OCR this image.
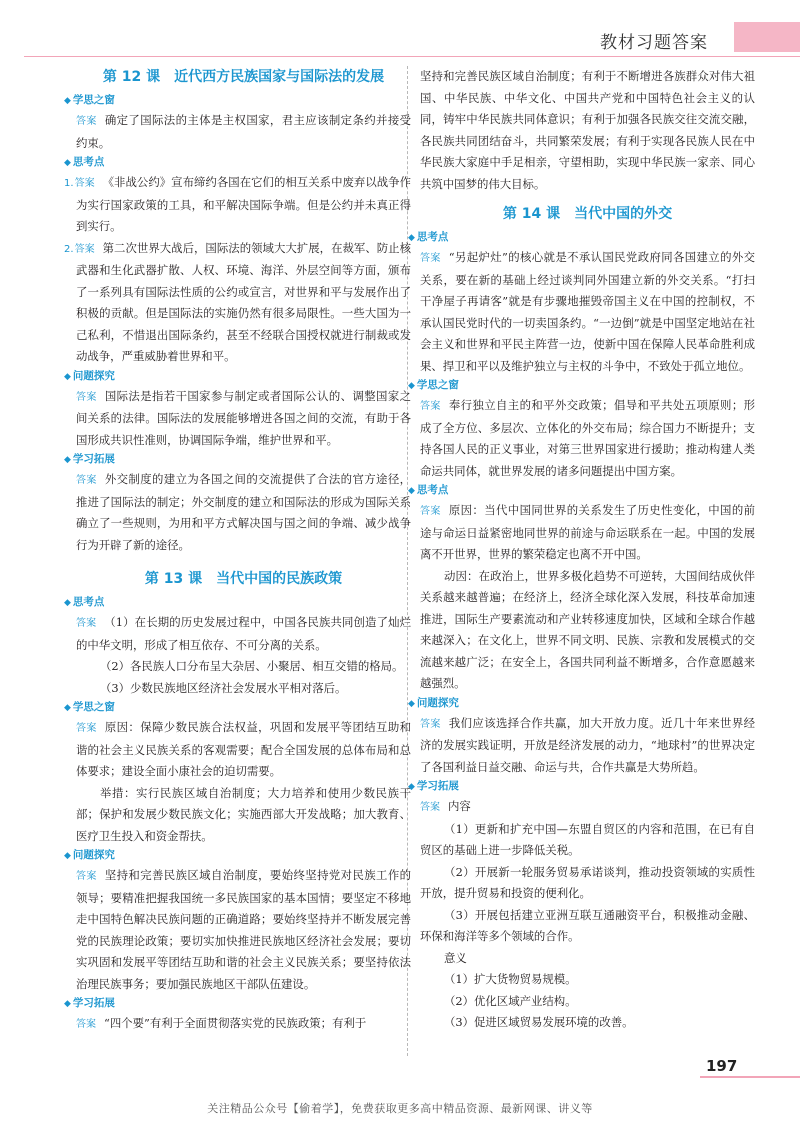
教材习题答案
第 12 课　近代西方民族国家与国际法的发展
◆ 学思之窗

答案 确定了国际法的主体是主权国家，君主应该制定条约并接受约束。

◆ 思考点

1.答案 《非战公约》宣布缔约各国在它们的相互关系中废弃以战争作为实行国家政策的工具，和平解决国际争端。但是公约并未真正得到实行。

2.答案 第二次世界大战后，国际法的领域大大扩展，在裁军、防止核武器和生化武器扩散、人权、环境、海洋、外层空间等方面，颁布了一系列具有国际法性质的公约或宣言，对世界和平与发展作出了积极的贡献。但是国际法的实施仍然有很多局限性。一些大国为一己私利，不惜退出国际条约，甚至不经联合国授权就进行制裁或发动战争，严重威胁着世界和平。

◆ 问题探究

答案 国际法是指若干国家参与制定或者国际公认的、调整国家之间关系的法律。国际法的发展能够增进各国之间的交流，有助于各国形成共识性准则，协调国际争端，维护世界和平。

◆ 学习拓展

答案 外交制度的建立为各国之间的交流提供了合法的官方途径，推进了国际法的制定；外交制度的建立和国际法的形成为国际关系确立了一些规则，为用和平方式解决国与国之间的争端、减少战争行为开辟了新的途径。

第 13 课　当代中国的民族政策
◆ 思考点

答案 （1）在长期的历史发展过程中，中国各民族共同创造了灿烂的中华文明，形成了相互依存、不可分离的关系。

（2）各民族人口分布呈大杂居、小聚居、相互交错的格局。

（3）少数民族地区经济社会发展水平相对落后。

◆ 学思之窗

答案 原因：保障少数民族合法权益，巩固和发展平等团结互助和谐的社会主义民族关系的客观需要；配合全国发展的总体布局和总体要求；建设全面小康社会的迫切需要。

举措：实行民族区域自治制度；大力培养和使用少数民族干部；保护和发展少数民族文化；实施西部大开发战略；加大教育、医疗卫生投入和资金帮扶。

◆ 问题探究

答案 坚持和完善民族区域自治制度，要始终坚持党对民族工作的领导；要精准把握我国统一多民族国家的基本国情；要坚定不移地走中国特色解决民族问题的正确道路；要始终坚持并不断发展完善党的民族理论政策；要切实加快推进民族地区经济社会发展；要切实巩固和发展平等团结互助和谐的社会主义民族关系；要坚持依法治理民族事务；要加强民族地区干部队伍建设。

◆ 学习拓展

答案 “四个要”有利于全面贯彻落实党的民族政策；有利于

坚持和完善民族区域自治制度；有利于不断增进各族群众对伟大祖国、中华民族、中华文化、中国共产党和中国特色社会主义的认同，铸牢中华民族共同体意识；有利于加强各民族交往交流交融，各民族共同团结奋斗，共同繁荣发展；有利于实现各民族人民在中华民族大家庭中手足相亲，守望相助，实现中华民族一家亲、同心共筑中国梦的伟大目标。

第 14 课　当代中国的外交
◆ 思考点

答案 “另起炉灶”的核心就是不承认国民党政府同各国建立的外交关系，要在新的基础上经过谈判同外国建立新的外交关系。“打扫干净屋子再请客”就是有步骤地摧毁帝国主义在中国的控制权，不承认国民党时代的一切卖国条约。“一边倒”就是中国坚定地站在社会主义和世界和平民主阵营一边，使新中国在保障人民革命胜利成果、捍卫和平以及维护独立与主权的斗争中，不致处于孤立地位。

◆ 学思之窗

答案 奉行独立自主的和平外交政策；倡导和平共处五项原则；形成了全方位、多层次、立体化的外交布局；综合国力不断提升；支持各国人民的正义事业，对第三世界国家进行援助；推动构建人类命运共同体，就世界发展的诸多问题提出中国方案。

◆ 思考点

答案 原因：当代中国同世界的关系发生了历史性变化，中国的前途与命运日益紧密地同世界的前途与命运联系在一起。中国的发展离不开世界，世界的繁荣稳定也离不开中国。

动因：在政治上，世界多极化趋势不可逆转，大国间结成伙伴关系越来越普遍；在经济上，经济全球化深入发展，科技革命加速推进，国际生产要素流动和产业转移速度加快，区域和全球合作越来越深入；在文化上，世界不同文明、民族、宗教和发展模式的交流越来越广泛；在安全上，各国共同利益不断增多，合作意愿越来越强烈。

◆ 问题探究

答案 我们应该选择合作共赢，加大开放力度。近几十年来世界经济的发展实践证明，开放是经济发展的动力，“地球村”的世界决定了各国利益日益交融、命运与共，合作共赢是大势所趋。

◆ 学习拓展

答案 内容

（1）更新和扩充中国—东盟自贸区的内容和范围，在已有自贸区的基础上进一步降低关税。

（2）开展新一轮服务贸易承诺谈判，推动投资领域的实质性开放，提升贸易和投资的便利化。

（3）开展包括建立亚洲互联互通融资平台，积极推动金融、环保和海洋等多个领域的合作。

意义

（1）扩大货物贸易规模。

（2）优化区域产业结构。

（3）促进区域贸易发展环境的改善。

197
关注精品公众号【偷着学】，免费获取更多高中精品资源、最新网课、讲义等
